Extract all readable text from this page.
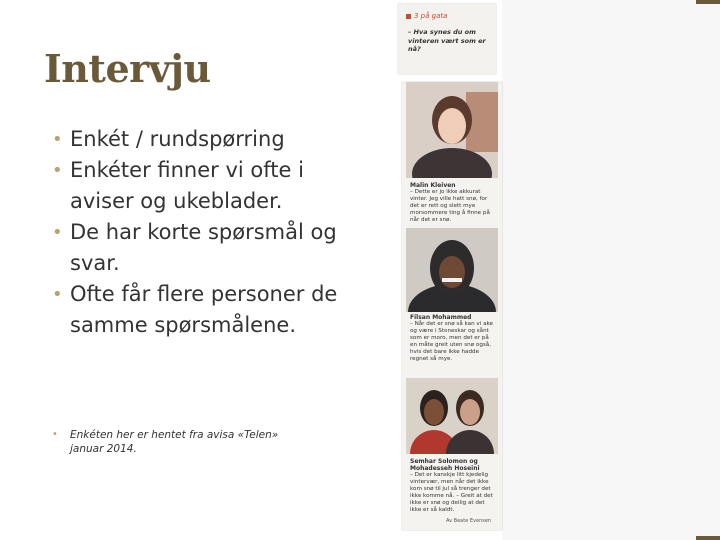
Intervju
• Enkét / rundspørring
• Enkéter finner vi ofte i aviser og ukeblader.
• De har korte spørsmål og svar.
• Ofte får flere personer de samme spørsmålene.
• Enkéten her er hentet fra avisa «Telen» januar 2014.
3 på gata
– Hva synes du om vinteren vært som er nå?
Malin Kleiven
– Dette er jo ikke akkurat vinter. Jeg ville hatt snø, for det er rett og slett mye morsommere ting å finne på når det er snø.
Filsan Mohammed
– Når det er snø så kan vi ake og være i Stoneskar og sånt som er moro, men det er på en måte greit uten snø også, hvis det bare ikke hadde regnet så mye.
Semhar Solomon og Mohadesseh Hoseini
– Det er kanskje litt kjedelig vintervær, men når det ikke kom snø til jul så trenger det ikke komme nå. – Greit at det ikke er snø og deilig at det ikke er så kaldt.
Av Beate Evensen
